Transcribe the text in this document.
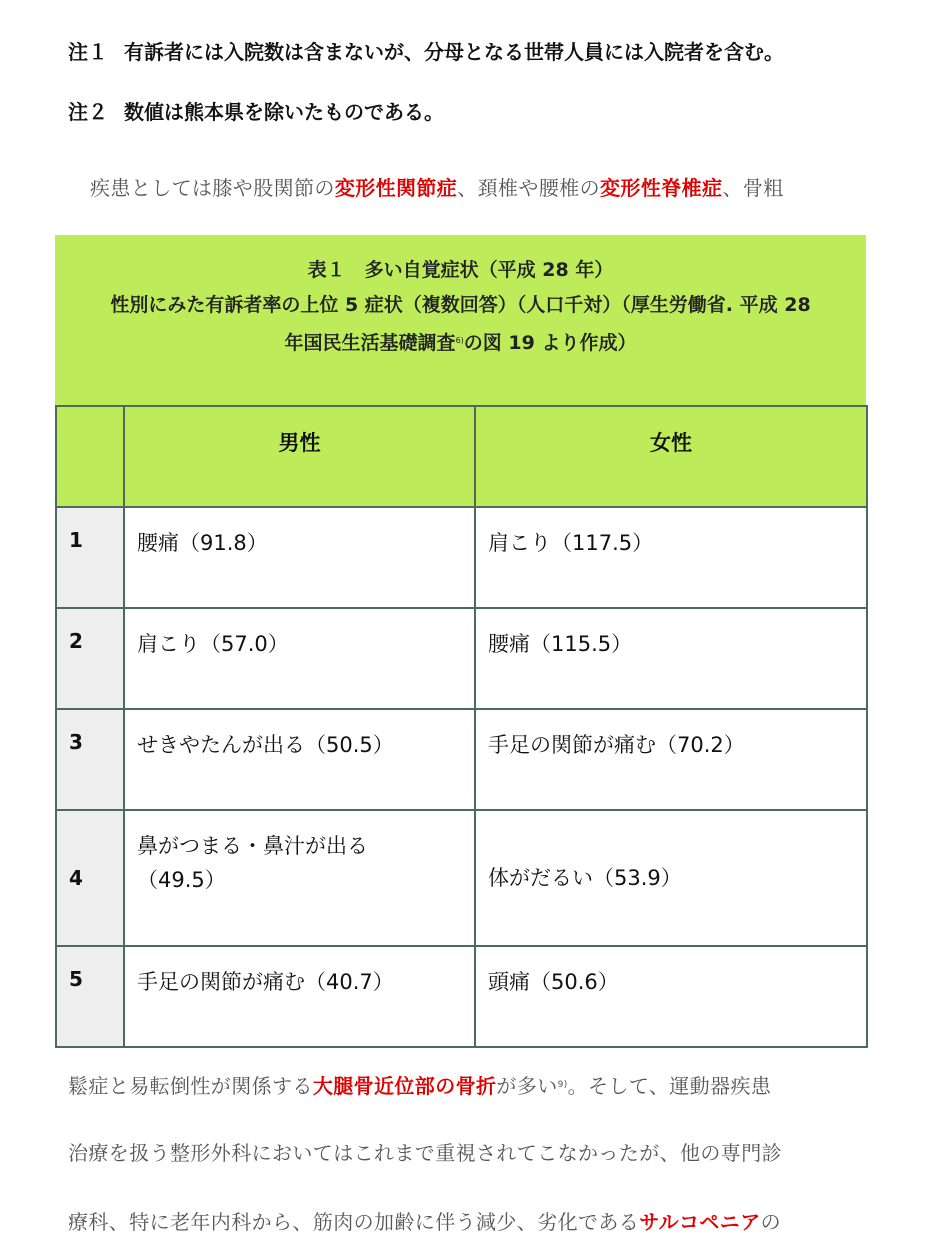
注１ 有訴者には入院数は含まないが、分母となる世帯人員には入院者を含む。
注２ 数値は熊本県を除いたものである。
疾患としては膝や股関節の変形性関節症、頚椎や腰椎の変形性脊椎症、骨粗
表１　多い自覚症状（平成 28 年）
性別にみた有訴者率の上位 5 症状（複数回答）（人口千対）（厚生労働省. 平成 28
年国民生活基礎調査$^{6)}$の図 19 より作成）
	男性	女性
1	腰痛（91.8）	肩こり（117.5）
2	肩こり（57.0）	腰痛（115.5）
3	せきやたんが出る（50.5）	手足の関節が痛む（70.2）
4	鼻がつまる・鼻汁が出る（49.5）	体がだるい（53.9）
5	手足の関節が痛む（40.7）	頭痛（50.6）
鬆症と易転倒性が関係する大腿骨近位部の骨折が多い$^{9)}$。そして、運動器疾患
治療を扱う整形外科においてはこれまで重視されてこなかったが、他の専門診
療科、特に老年内科から、筋肉の加齢に伴う減少、劣化であるサルコペニアの
